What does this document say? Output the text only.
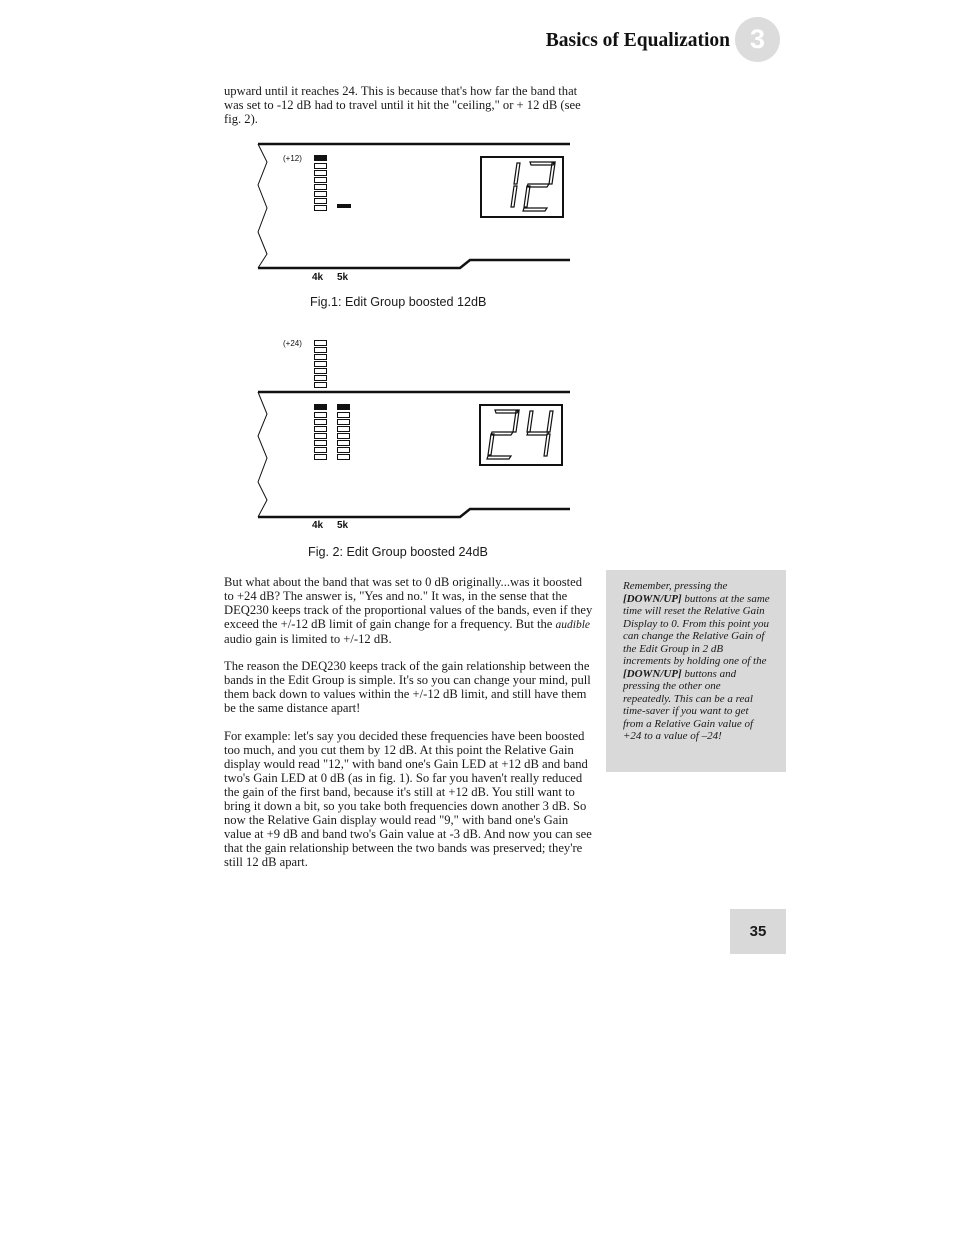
Basics of Equalization 3

upward until it reaches 24. This is because that's how far the band that was set to -12 dB had to travel until it hit the "ceiling," or + 12 dB (see fig. 2).

(+12)
4k 5k
Fig.1: Edit Group boosted 12dB
(+24)
4k 5k
Fig. 2: Edit Group boosted 24dB

But what about the band that was set to 0 dB originally...was it boosted to +24 dB? The answer is, "Yes and no." It was, in the sense that the DEQ230 keeps track of the proportional values of the bands, even if they exceed the +/-12 dB limit of gain change for a frequency. But the audible audio gain is limited to +/-12 dB.

The reason the DEQ230 keeps track of the gain relationship between the bands in the Edit Group is simple. It's so you can change your mind, pull them back down to values within the +/-12 dB limit, and still have them be the same distance apart!

For example: let's say you decided these frequencies have been boosted too much, and you cut them by 12 dB. At this point the Relative Gain display would read "12," with band one's Gain LED at +12 dB and band two's Gain LED at 0 dB (as in fig. 1). So far you haven't really reduced the gain of the first band, because it's still at +12 dB. You still want to bring it down a bit, so you take both frequencies down another 3 dB. So now the Relative Gain display would read "9," with band one's Gain value at +9 dB and band two's Gain value at -3 dB. And now you can see that the gain relationship between the two bands was preserved; they're still 12 dB apart.

Remember, pressing the [DOWN/UP] buttons at the same time will reset the Relative Gain Display to 0. From this point you can change the Relative Gain of the Edit Group in 2 dB increments by holding one of the [DOWN/UP] buttons and pressing the other one repeatedly. This can be a real time-saver if you want to get from a Relative Gain value of +24 to a value of –24!

35
